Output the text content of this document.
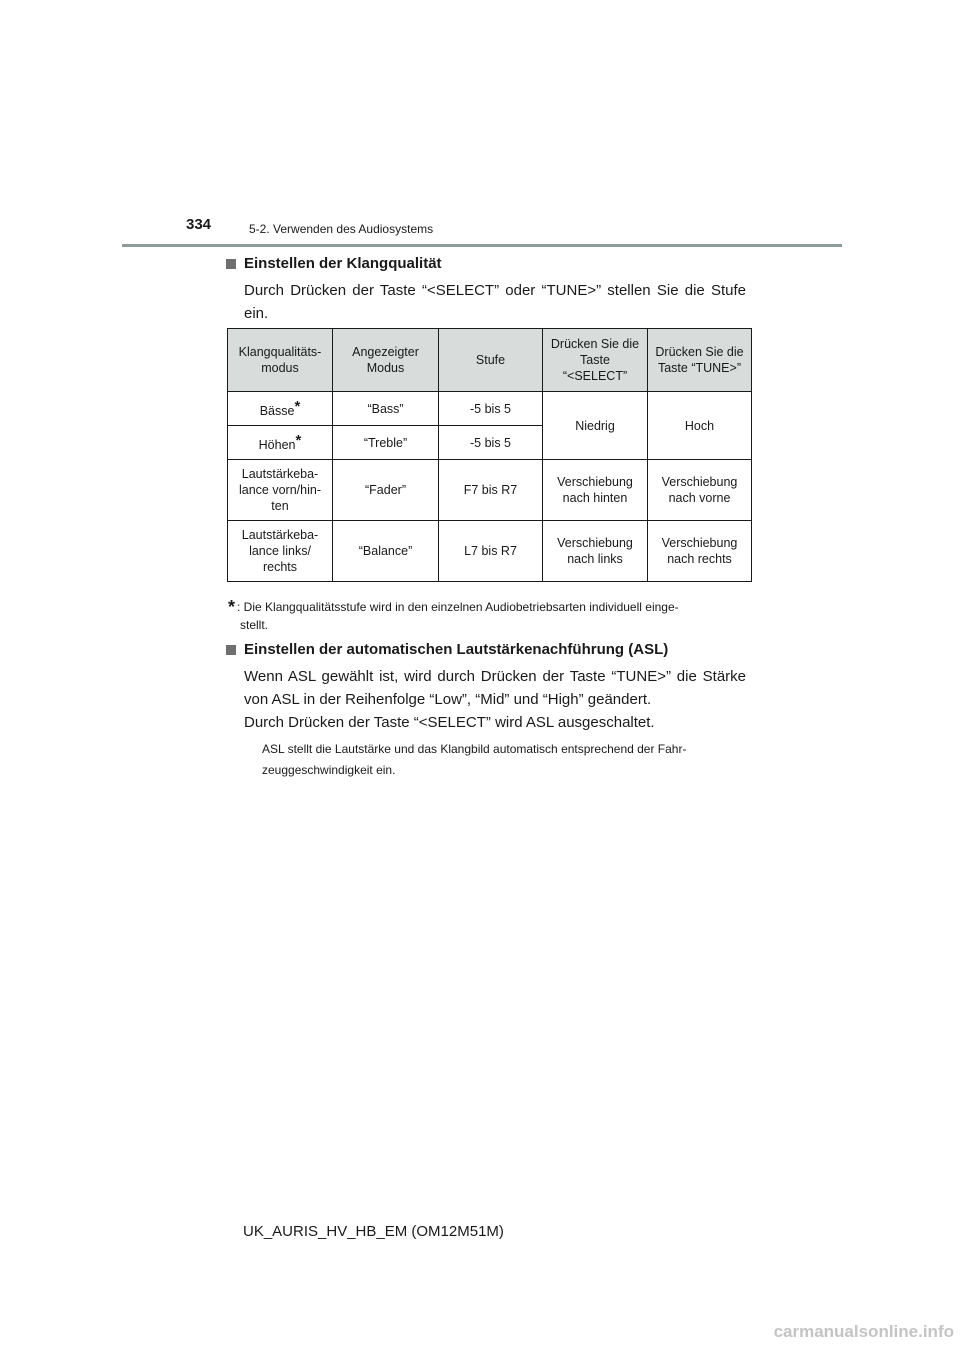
334	5-2. Verwenden des Audiosystems
Einstellen der Klangqualität
Durch Drücken der Taste “<SELECT” oder “TUNE>” stellen Sie die Stufe ein.
Klangqualitäts-modus	Angezeigter Modus	Stufe	Drücken Sie die Taste “<SELECT”	Drücken Sie die Taste “TUNE>”
Bässe*	“Bass”	-5 bis 5	Niedrig	Hoch
Höhen*	“Treble”	-5 bis 5		
Lautstärkeba-lance vorn/hin-ten	“Fader”	F7 bis R7	Verschiebung nach hinten	Verschiebung nach vorne
Lautstärkeba-lance links/ rechts	“Balance”	L7 bis R7	Verschiebung nach links	Verschiebung nach rechts
* : Die Klangqualitätsstufe wird in den einzelnen Audiobetriebsarten individuell einge-
stellt.
Einstellen der automatischen Lautstärkenachführung (ASL)
Wenn ASL gewählt ist, wird durch Drücken der Taste “TUNE>” die Stärke von ASL in der Reihenfolge “Low”, “Mid” und “High” geändert.
Durch Drücken der Taste “<SELECT” wird ASL ausgeschaltet.
ASL stellt die Lautstärke und das Klangbild automatisch entsprechend der Fahr-zeuggeschwindigkeit ein.
UK_AURIS_HV_HB_EM (OM12M51M)
carmanualsonline.info
